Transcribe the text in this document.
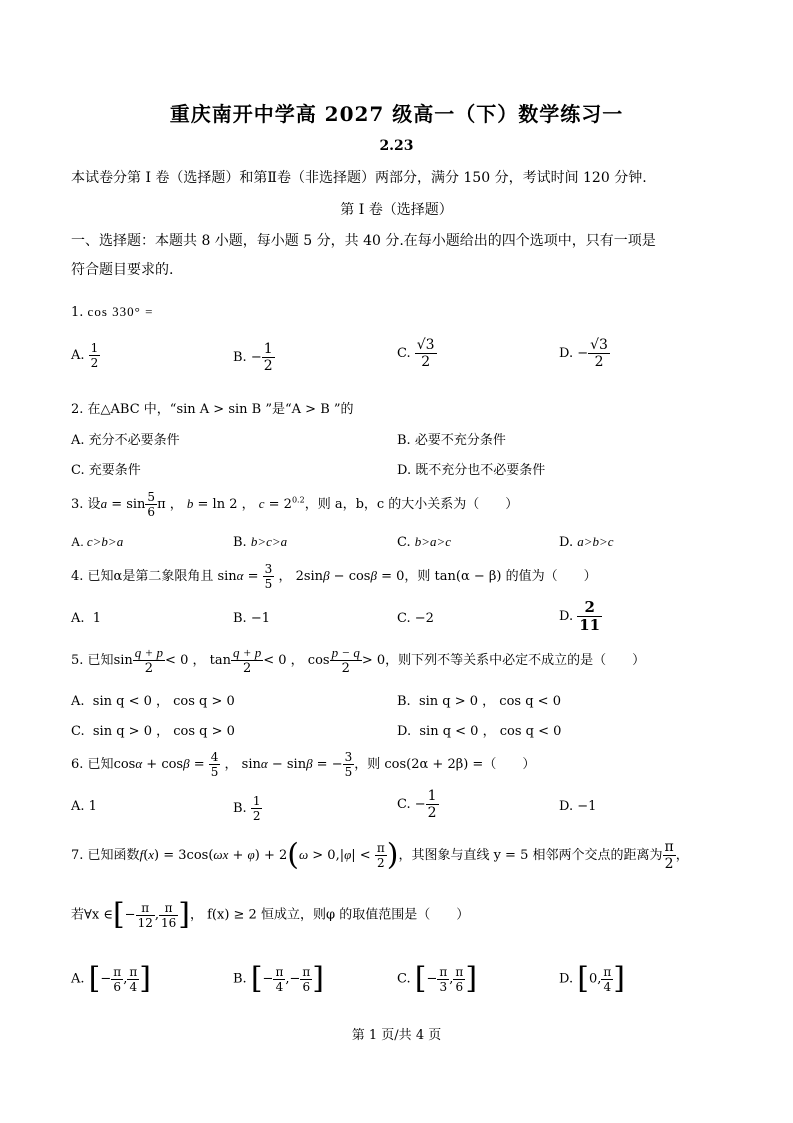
重庆南开中学高 2027 级高一（下）数学练习一
2.23
本试卷分第 I 卷（选择题）和第Ⅱ卷（非选择题）两部分，满分 150 分，考试时间 120 分钟.
第 I 卷（选择题）
一、选择题：本题共 8 小题，每小题 5 分，共 40 分.在每小题给出的四个选项中，只有一项是
符合题目要求的.
1. cos 330° =
A. $\frac{1}{2}$	B. − $\frac{1}{2}$	C. $\frac{√3}{2}$	D. − $\frac{√3}{2}$
2. 在△ABC 中，“sin A > sin B ”是“A > B ”的
A. 充分不必要条件	B. 必要不充分条件
C. 充要条件	D. 既不充分也不必要条件
3. 设$a = \sin \frac{5}{6}$ π ， b = ln 2 ， $c = 2^{0.2}$，则 a，b，c 的大小关系为（　　）
A. c>b>a	B. b>c>a	C. b>a>c	D. a>b>c
4. 已知α是第二象限角且 $\sin\alpha = \frac{3}{5}$ ， 2sinβ − cosβ = 0，则 tan(α − β) 的值为（　　）
A. 1	B. −1	C. −2	D. $\frac{2}{11}$
5. 已知$\sin \frac{q + p}{2} < 0$ ， $\tan \frac{q + p}{2} < 0$ ， $\cos \frac{p - q}{2} > 0$，则下列不等关系中必定不成立的是（　　）
A. sin q < 0 ， cos q > 0	B. sin q > 0 ， cos q < 0
C. sin q > 0 ， cos q > 0	D. sin q < 0 ， cos q < 0
6. 已知$\cos\alpha + \cos\beta = \frac{4}{5}$ ， sinα − sinβ = − $\frac{3}{5}$ ，则 cos(2α + 2β) =（　　）
A. 1	B. $\frac{1}{2}$	C. − $\frac{1}{2}$	D. −1
7. 已知函数$f(x) = 3\cos(\omega x + \varphi) + 2(\omega > 0,|\varphi| < \frac{\pi}{2}$ )，其图象与直线 y = 5 相邻两个交点的距离为 $\frac{\pi}{2}$ ，
若∀x ∈[− $\frac{\pi}{12}$ , $\frac{\pi}{16}$ ]， f(x) ≥ 2 恒成立，则φ 的取值范围是（　　）
A. [− $\frac{\pi}{6}$ , $\frac{\pi}{4}$ ]	B. [− $\frac{\pi}{4}$ ,− $\frac{\pi}{6}$ ]	C. [− $\frac{\pi}{3}$ , $\frac{\pi}{6}$ ]	D. [0, $\frac{\pi}{4}$ ]
第 1 页/共 4 页
